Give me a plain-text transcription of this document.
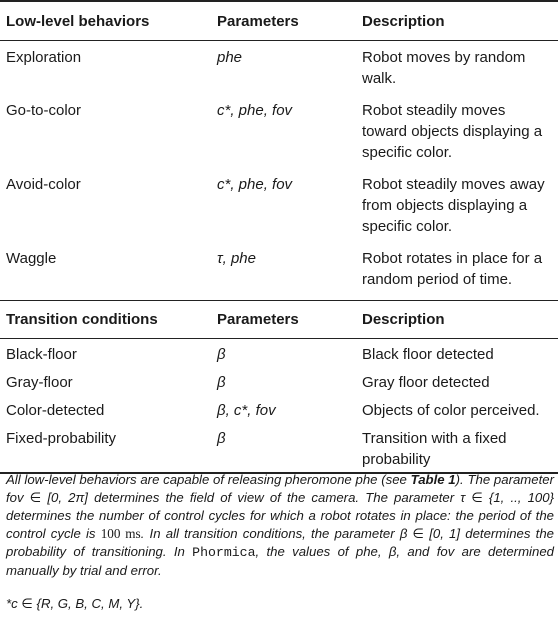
Low-level behaviors	Parameters	Description
Exploration	phe	Robot moves by random walk.
Go-to-color	c*, phe, fov	Robot steadily moves toward objects displaying a specific color.
Avoid-color	c*, phe, fov	Robot steadily moves away from objects displaying a specific color.
Waggle	τ, phe	Robot rotates in place for a random period of time.
Transition conditions	Parameters	Description
Black-floor	β	Black floor detected
Gray-floor	β	Gray floor detected
Color-detected	β, c*, fov	Objects of color perceived.
Fixed-probability	β	Transition with a fixed probability
All low-level behaviors are capable of releasing pheromone phe (see Table 1). The parameter fov ∈ [0, 2π] determines the field of view of the camera. The parameter τ ∈ {1, .., 100} determines the number of control cycles for which a robot rotates in place: the period of the control cycle is 100 ms. In all transition conditions, the parameter β ∈ [0, 1] determines the probability of transitioning. In Phormica, the values of phe, β, and fov are determined manually by trial and error.
*c ∈ {R, G, B, C, M, Y}.
